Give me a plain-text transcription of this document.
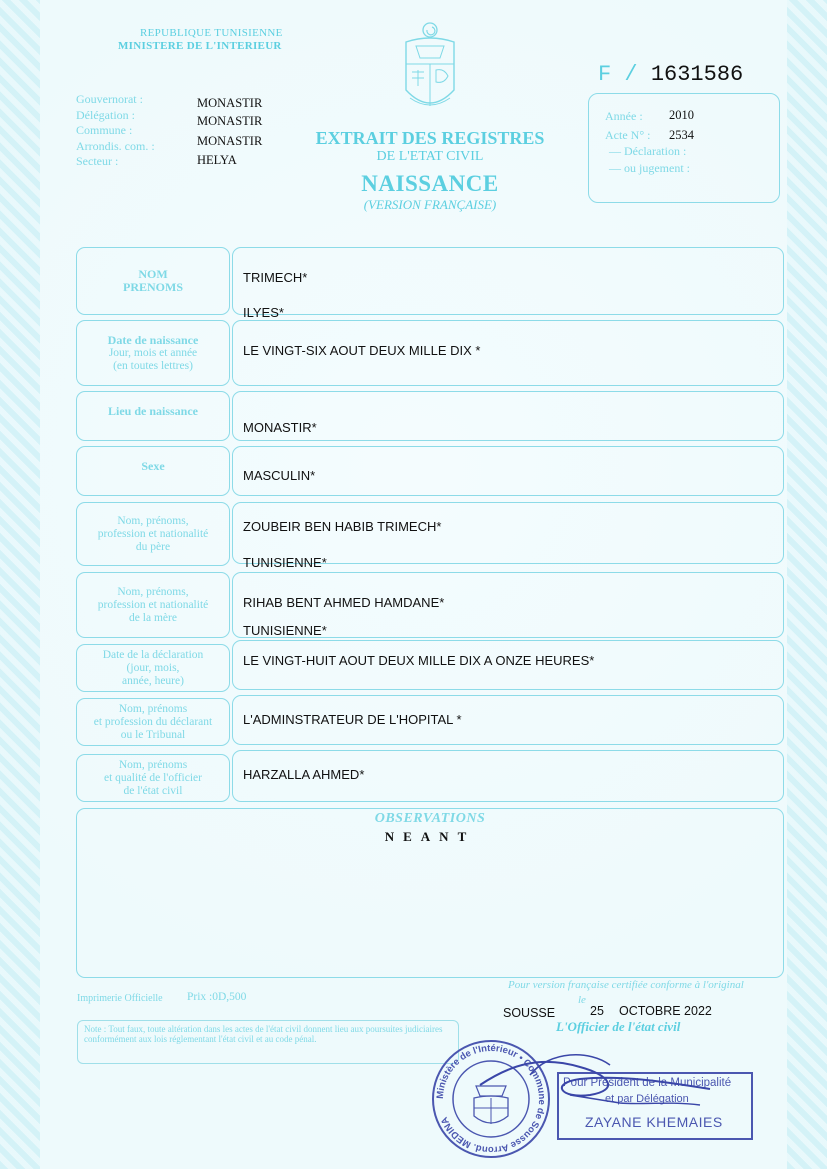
REPUBLIQUE TUNISIENNE
MINISTERE DE L'INTERIEUR
Gouvernorat :
Délégation :
Commune :
Arrondis. com. :
Secteur :
MONASTIR
MONASTIR
MONASTIR
HELYA
EXTRAIT DES REGISTRES
DE L'ETAT CIVIL
NAISSANCE
(VERSION FRANÇAISE)
F / 1631586
Année : 2010
Acte N° : 2534
— Déclaration :
— ou jugement :
NOM
PRENOMS
TRIMECH*
ILYES*
Date de naissance
Jour, mois et année
(en toutes lettres)
LE VINGT-SIX AOUT DEUX MILLE DIX *
Lieu de naissance
MONASTIR*
Sexe
MASCULIN*
Nom, prénoms,
profession et nationalité
du père
ZOUBEIR BEN HABIB TRIMECH*
TUNISIENNE*
Nom, prénoms,
profession et nationalité
de la mère
RIHAB BENT AHMED HAMDANE*
TUNISIENNE*
Date de la déclaration
(jour, mois,
année, heure)
LE VINGT-HUIT AOUT DEUX MILLE DIX A ONZE HEURES*
Nom, prénoms
et profession du déclarant
ou le Tribunal
L'ADMINSTRATEUR DE L'HOPITAL *
Nom, prénoms
et qualité de l'officier
de l'état civil
HARZALLA AHMED*
OBSERVATIONS
NEANT
Imprimerie Officielle Prix :0D,500
Pour version française certifiée conforme à l'original
le
SOUSSE	25 OCTOBRE 2022
L'Officier de l'état civil
Note : Tout faux, toute altération dans les actes de l'état civil donnent lieu aux poursuites judiciaires conformément aux lois réglementant l'état civil et au code pénal.
Ministère de l'Intérieur • Commune de Sousse Arrond. MEDINA
Pour Président de la Municipalité
et par Délégation
ZAYANE KHEMAIES
